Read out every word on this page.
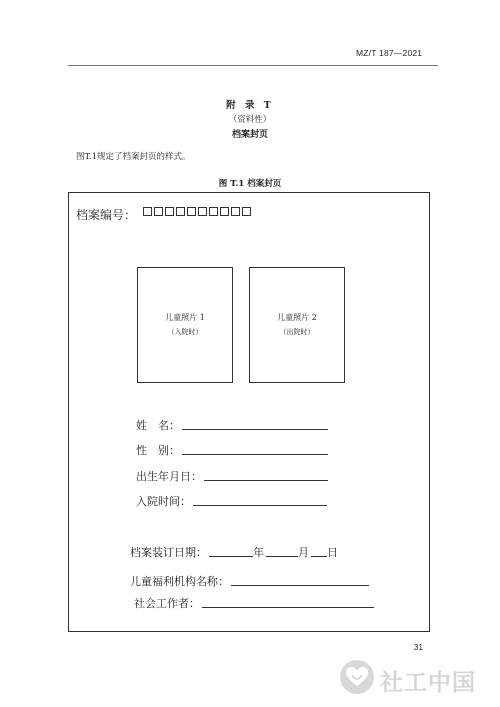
MZ/T 187—2021
附 录 T
（资料性）
档案封页
图T.1规定了档案封页的样式。
图 T.1 档案封页
档案编号：
儿童照片 1
（入院时）
儿童照片 2
（出院时）
姓　名：
性　别：
出生年月日：
入院时间：
档案装订日期：	年	月 日
儿童福利机构名称：
社会工作者：
31
社工中国
